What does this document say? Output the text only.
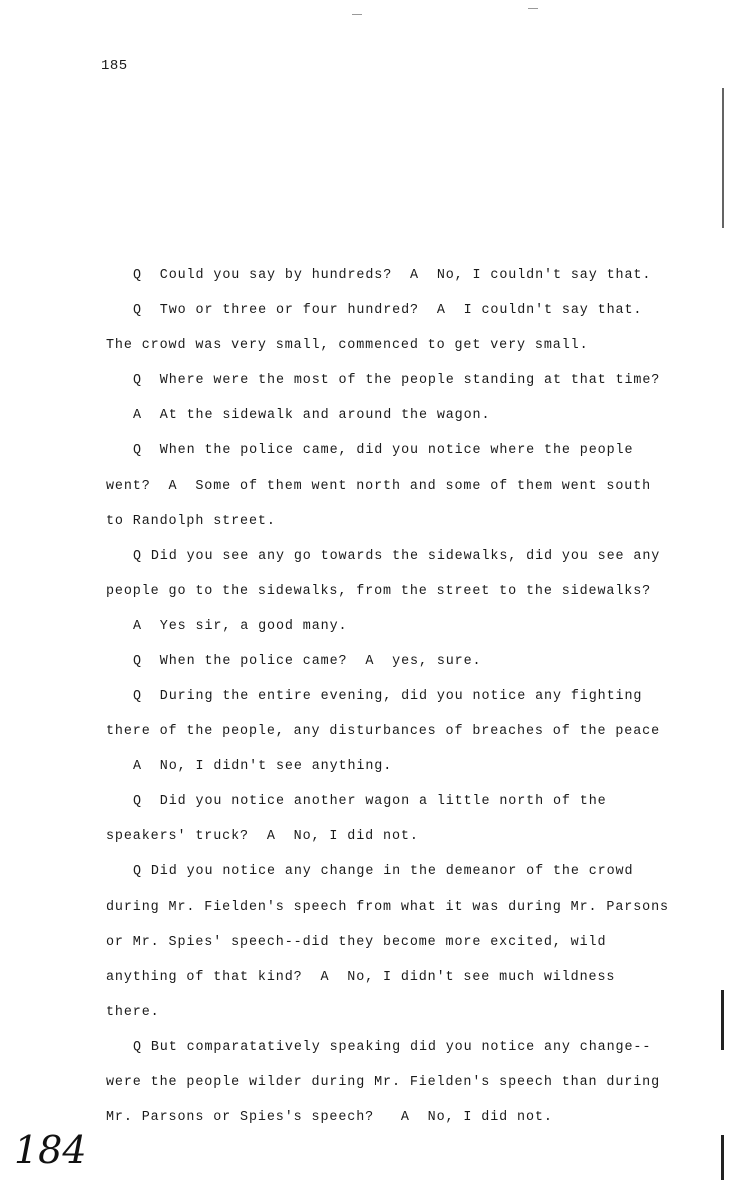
185
Q  Could you say by hundreds?  A  No, I couldn't say that.
Q  Two or three or four hundred?  A  I couldn't say that.
The crowd was very small, commenced to get very small.
Q  Where were the most of the people standing at that time?
A  At the sidewalk and around the wagon.
Q  When the police came, did you notice where the people
went?  A  Some of them went north and some of them went south
to Randolph street.
Q Did you see any go towards the sidewalks, did you see any
people go to the sidewalks, from the street to the sidewalks?
A  Yes sir, a good many.
Q  When the police came?  A  yes, sure.
Q  During the entire evening, did you notice any fighting
there of the people, any disturbances of breaches of the peace
A  No, I didn't see anything.
Q  Did you notice another wagon a little north of the
speakers' truck?  A  No, I did not.
Q Did you notice any change in the demeanor of the crowd
during Mr. Fielden's speech from what it was during Mr. Parsons
or Mr. Spies' speech--did they become more excited, wild
anything of that kind?  A  No, I didn't see much wildness
there.
Q But comparatatively speaking did you notice any change--
were the people wilder during Mr. Fielden's speech than during
Mr. Parsons or Spies's speech?   A  No, I did not.
184
